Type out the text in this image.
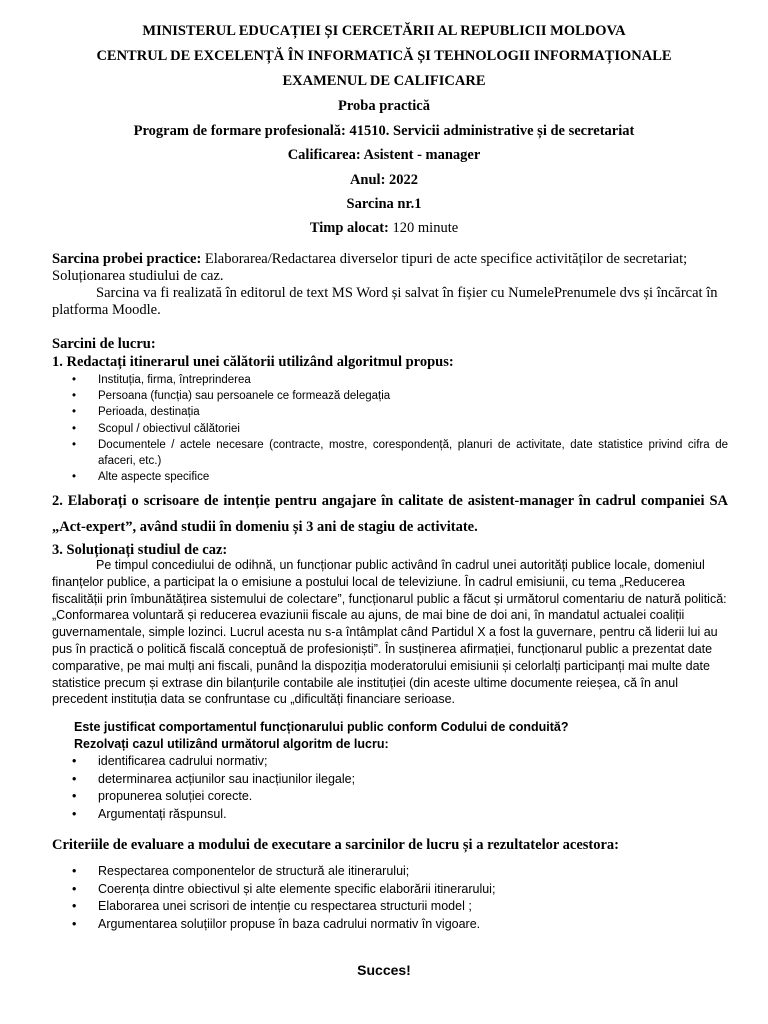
MINISTERUL EDUCAȚIEI ȘI CERCETĂRII AL REPUBLICII MOLDOVA
CENTRUL DE EXCELENȚĂ ÎN INFORMATICĂ ȘI TEHNOLOGII INFORMAȚIONALE
EXAMENUL DE CALIFICARE
Proba practică
Program de formare profesională: 41510. Servicii administrative și de secretariat
Calificarea: Asistent - manager
Anul: 2022
Sarcina nr.1
Timp alocat: 120 minute
Sarcina probei practice: Elaborarea/Redactarea diverselor tipuri de acte specifice activităților de secretariat; Soluționarea studiului de caz.
Sarcina va fi realizată în editorul de text MS Word și salvat în fișier cu NumelePrenumele dvs și încărcat în platforma Moodle.
Sarcini de lucru:
1. Redactați itinerarul unei călătorii utilizând algoritmul propus:
• Instituția, firma, întreprinderea
• Persoana (funcția) sau persoanele ce formează delegația
• Perioada, destinația
• Scopul / obiectivul călătoriei
• Documentele / actele necesare (contracte, mostre, corespondență, planuri de activitate, date statistice privind cifra de afaceri, etc.)
• Alte aspecte specifice
2. Elaborați o scrisoare de intenție pentru angajare în calitate de asistent-manager în cadrul companiei SA „Act-expert”, având studii în domeniu și 3 ani de stagiu de activitate.
3. Soluționați studiul de caz:
Pe timpul concediului de odihnă, un funcționar public activând în cadrul unei autorități publice locale, domeniul finanțelor publice, a participat la o emisiune a postului local de televiziune. În cadrul emisiunii, cu tema „Reducerea fiscalității prin îmbunătățirea sistemului de colectare”, funcționarul public a făcut și următorul comentariu de natură politică: „Conformarea voluntară și reducerea evaziunii fiscale au ajuns, de mai bine de doi ani, în mandatul actualei coaliții guvernamentale, simple lozinci. Lucrul acesta nu s-a întâmplat când Partidul X a fost la guvernare, pentru că liderii lui au pus în practică o politică fiscală conceptuă de profesioniști”. În susținerea afirmației, funcționarul public a prezentat date comparative, pe mai mulți ani fiscali, punând la dispoziția moderatorului emisiunii și celorlalți participanți mai multe date statistice precum și extrase din bilanțurile contabile ale instituției (din aceste ultime documente reieșea, că în anul precedent instituția data se confruntase cu „dificultăți financiare serioase.
Este justificat comportamentul funcționarului public conform Codului de conduită?
Rezolvați cazul utilizând următorul algoritm de lucru:
• identificarea cadrului normativ;
• determinarea acțiunilor sau inacțiunilor ilegale;
• propunerea soluției corecte.
• Argumentați răspunsul.
Criteriile de evaluare a modului de executare a sarcinilor de lucru și a rezultatelor acestora:
• Respectarea componentelor de structură ale itinerarului;
• Coerența dintre obiectivul și alte elemente specific elaborării itinerarului;
• Elaborarea unei scrisori de intenție cu respectarea structurii model ;
• Argumentarea soluțiilor propuse în baza cadrului normativ în vigoare.
Succes!
